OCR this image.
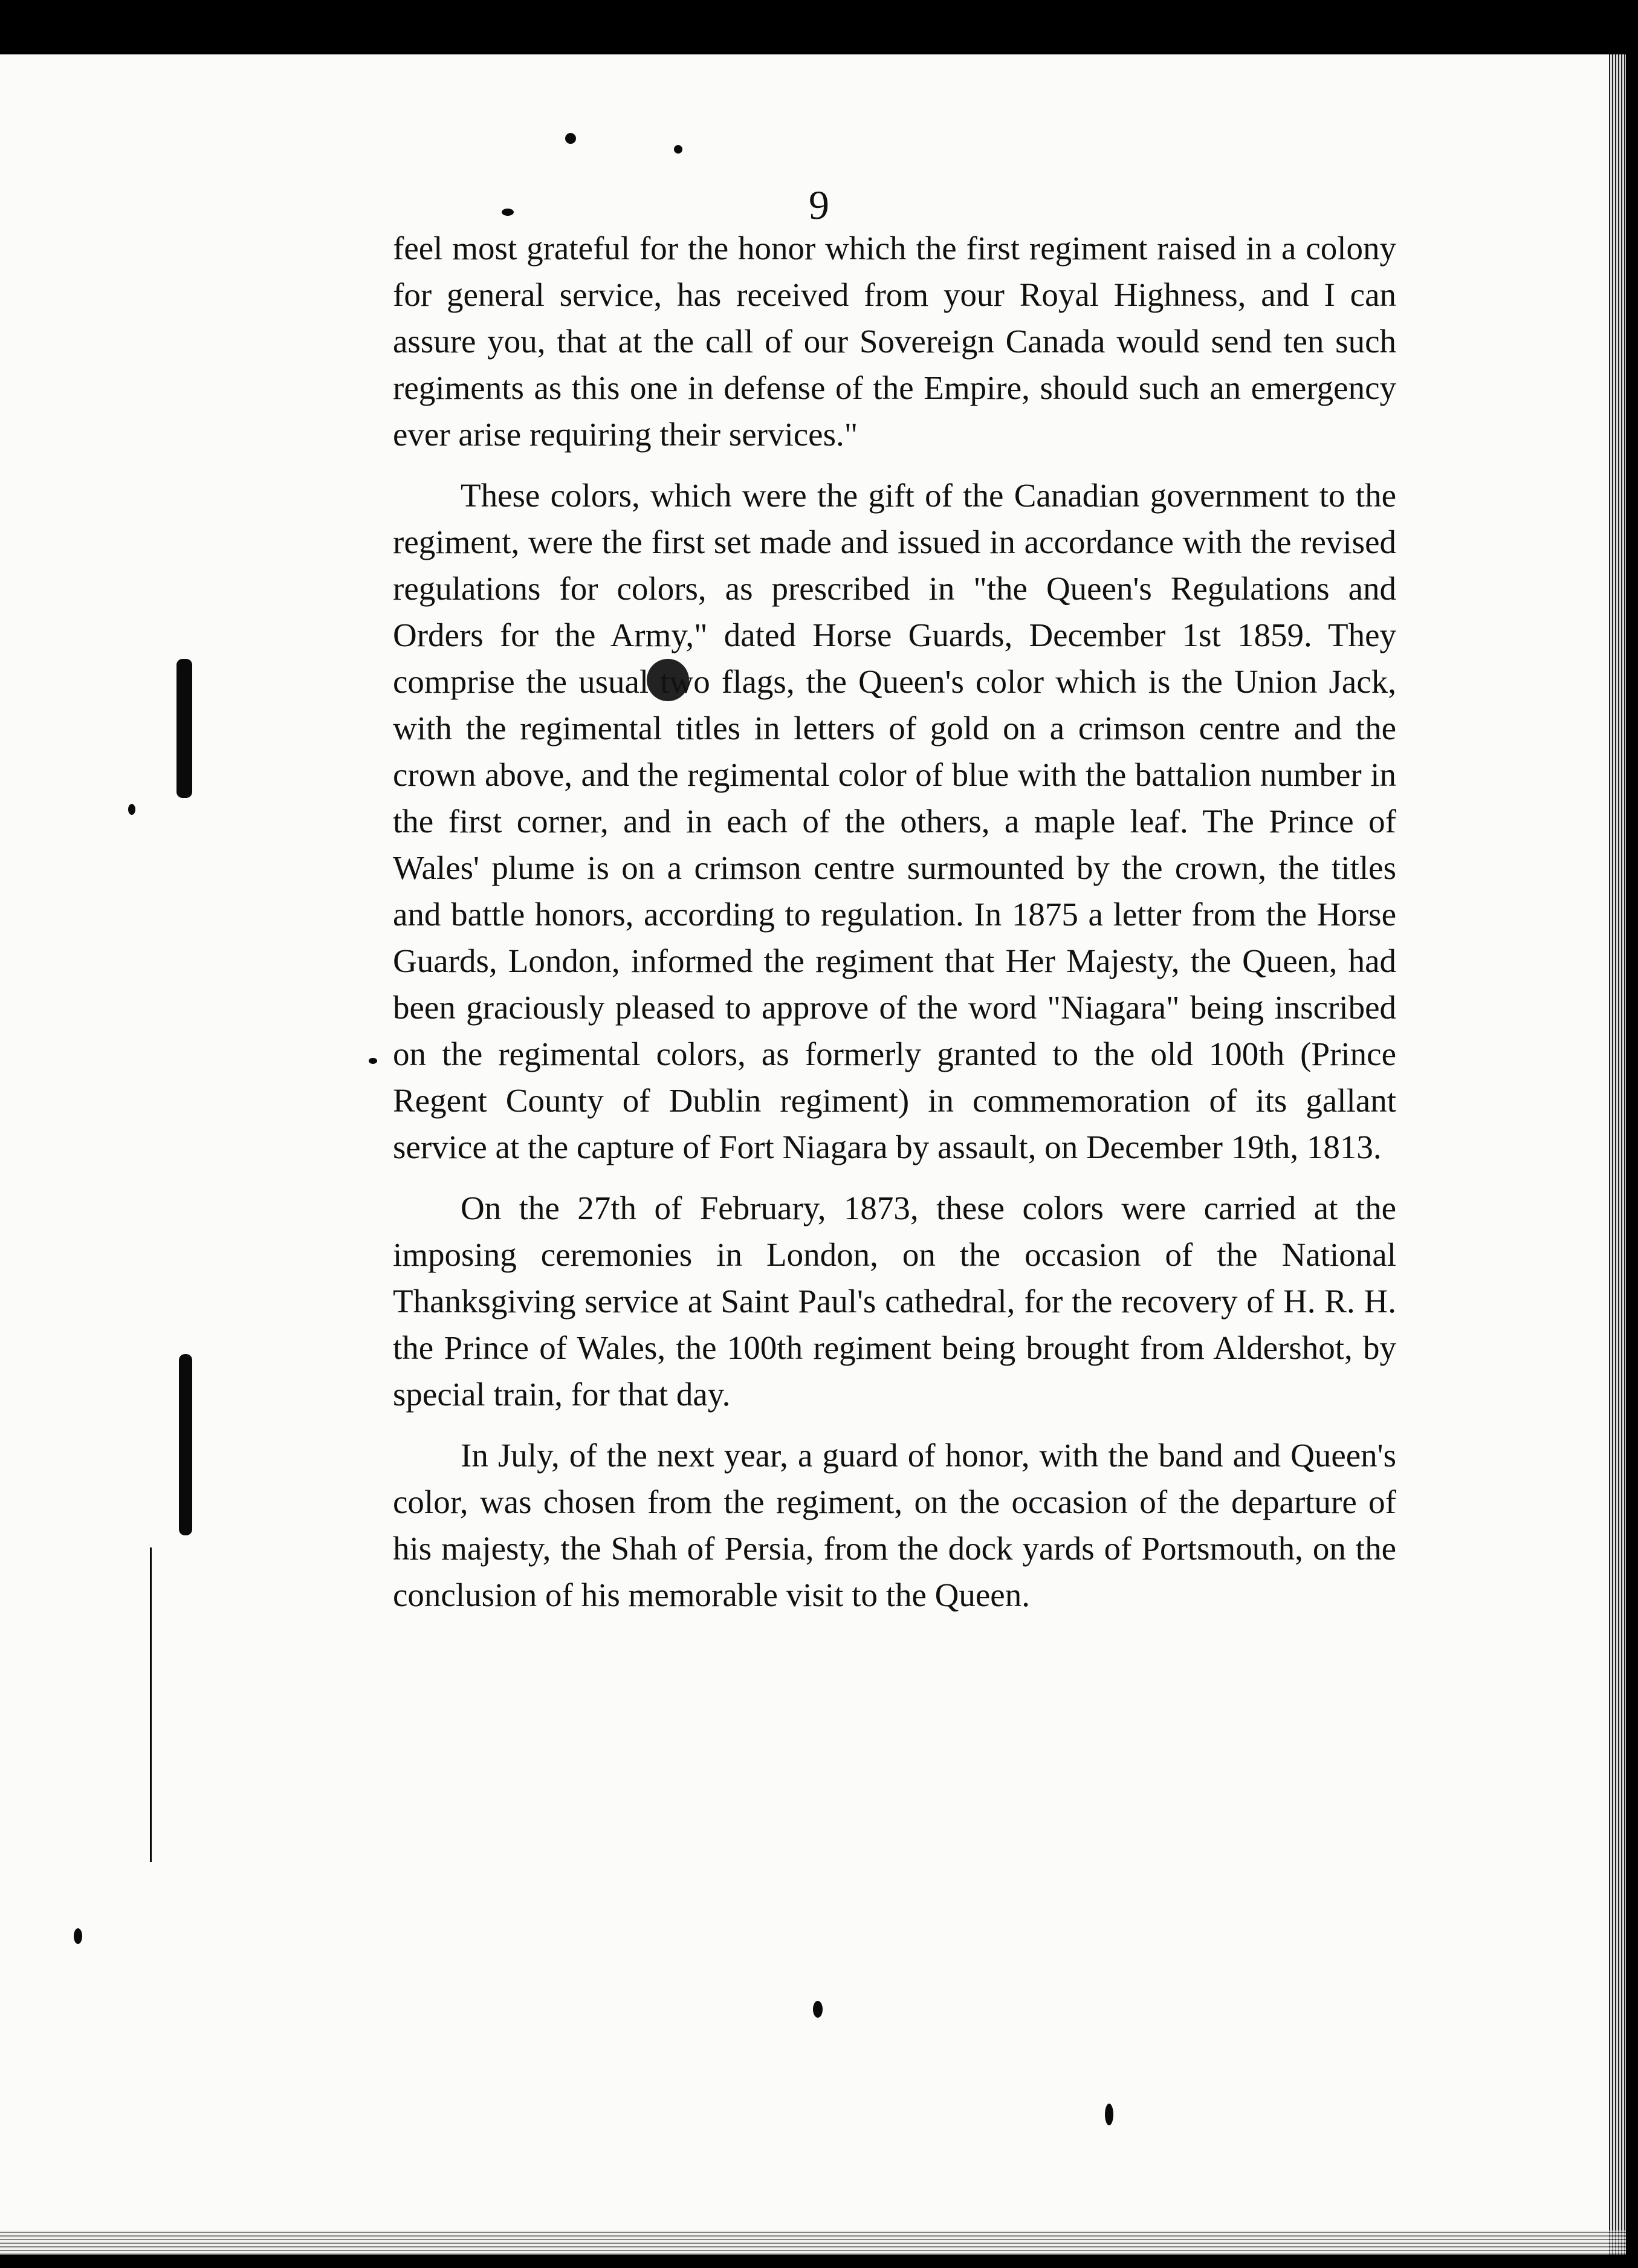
9

feel most grateful for the honor which the first regiment raised in a colony for general service, has received from your Royal Highness, and I can assure you, that at the call of our Sovereign Canada would send ten such regiments as this one in defense of the Empire, should such an emergency ever arise requiring their services."

These colors, which were the gift of the Canadian government to the regiment, were the first set made and issued in accordance with the revised regulations for colors, as prescribed in "the Queen's Regulations and Orders for the Army," dated Horse Guards, December 1st 1859. They comprise the usual two flags, the Queen's color which is the Union Jack, with the regimental titles in letters of gold on a crimson centre and the crown above, and the regimental color of blue with the battalion number in the first corner, and in each of the others, a maple leaf. The Prince of Wales' plume is on a crimson centre surmounted by the crown, the titles and battle honors, according to regulation. In 1875 a letter from the Horse Guards, London, informed the regiment that Her Majesty, the Queen, had been graciously pleased to approve of the word "Niagara" being inscribed on the regimental colors, as formerly granted to the old 100th (Prince Regent County of Dublin regiment) in commemoration of its gallant service at the capture of Fort Niagara by assault, on December 19th, 1813.

On the 27th of February, 1873, these colors were carried at the imposing ceremonies in London, on the occasion of the National Thanksgiving service at Saint Paul's cathedral, for the recovery of H. R. H. the Prince of Wales, the 100th regiment being brought from Aldershot, by special train, for that day.

In July, of the next year, a guard of honor, with the band and Queen's color, was chosen from the regiment, on the occasion of the departure of his majesty, the Shah of Persia, from the dock yards of Portsmouth, on the conclusion of his memorable visit to the Queen.
